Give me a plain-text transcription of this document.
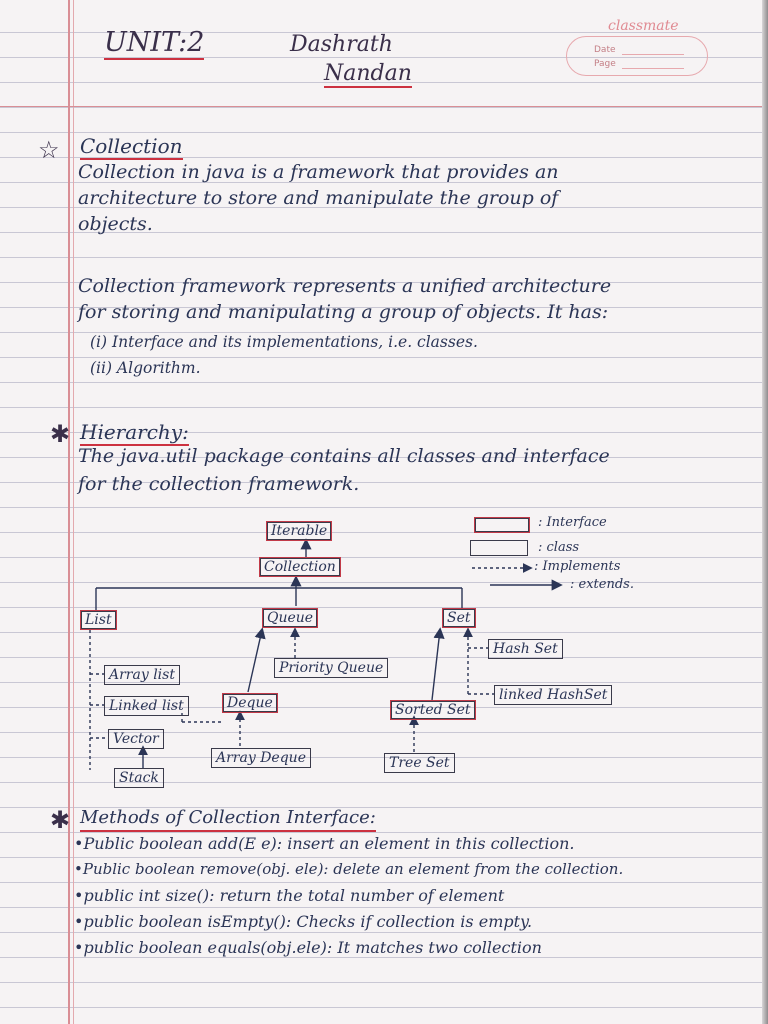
UNIT:2	Dashrath
Nandan
classmate
Date
Page
☆ Collection
Collection in java is a framework that provides an
architecture to store and manipulate the group of
objects.
Collection framework represents a unified architecture
for storing and manipulating a group of objects. It has:
(i) Interface and its implementations, i.e. classes.
(ii) Algorithm.
✱ Hierarchy:
The java.util package contains all classes and interface
for the collection framework.
Iterable
Collection
List	Queue	Set
Array list
Linked list
Vector
Stack
Priority Queue
Deque
Array Deque
Hash Set
linked HashSet
Sorted Set
Tree Set
: Interface
: class
: Implements
: extends.
✱ Methods of Collection Interface:
•Public boolean add(E e): insert an element in this collection.
•Public boolean remove(obj. ele): delete an element from the collection.
•public int size(): return the total number of element
•public boolean isEmpty(): Checks if collection is empty.
•public boolean equals(obj.ele): It matches two collection
